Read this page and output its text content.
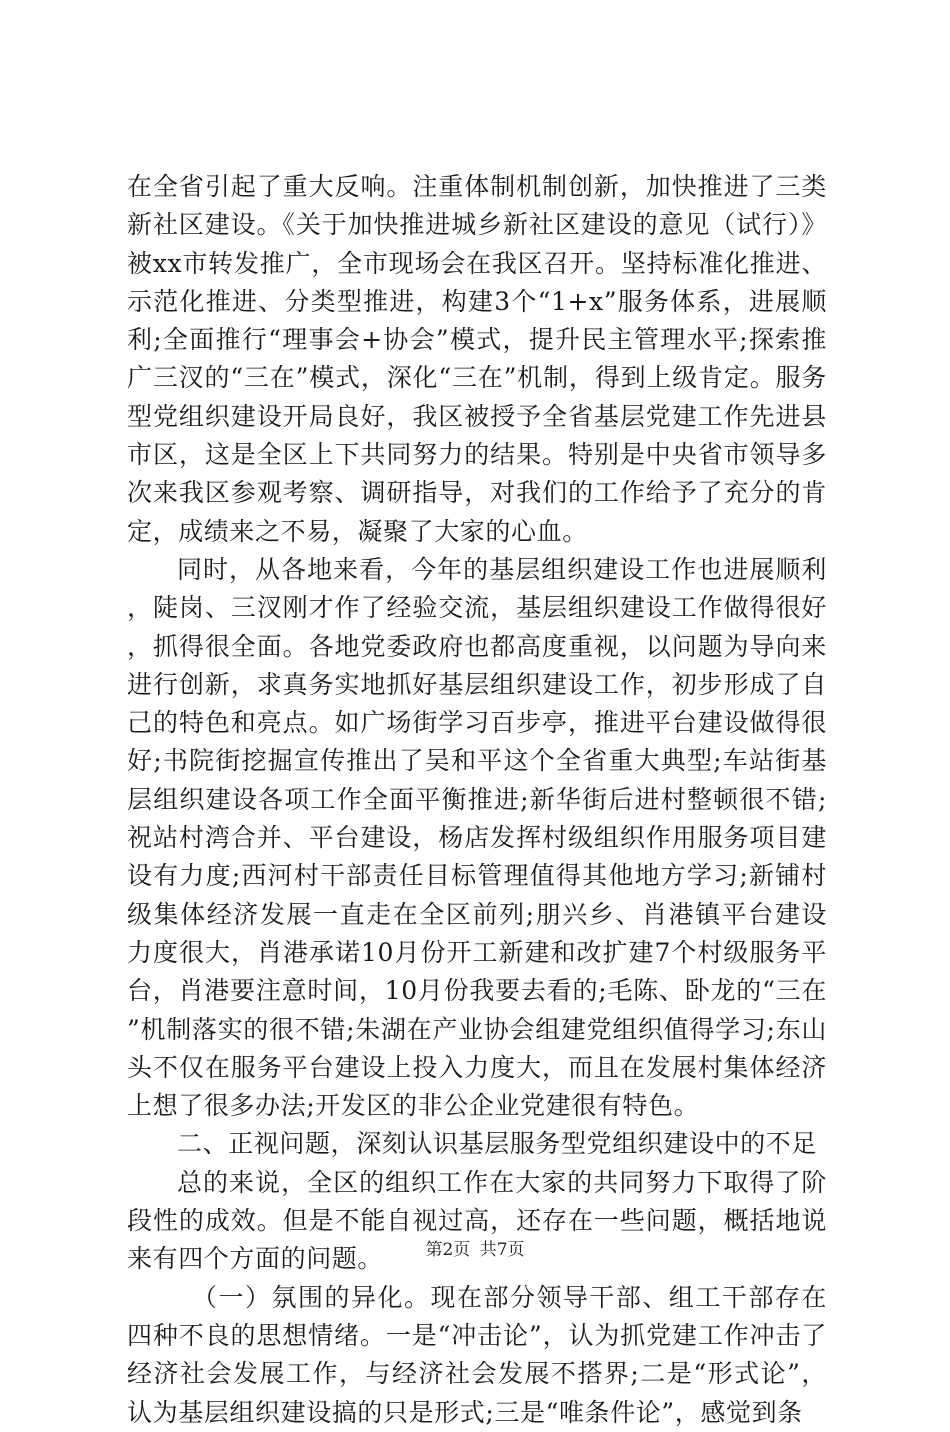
在全省引起了重大反响。注重体制机制创新，加快推进了三类新社区建设。《关于加快推进城乡新社区建设的意见（试行）》被xx市转发推广，全市现场会在我区召开。坚持标准化推进、示范化推进、分类型推进，构建3个“1+x”服务体系，进展顺利;全面推行“理事会+协会”模式，提升民主管理水平;探索推广三汊的“三在”模式，深化“三在”机制，得到上级肯定。服务型党组织建设开局良好，我区被授予全省基层党建工作先进县市区，这是全区上下共同努力的结果。特别是中央省市领导多次来我区参观考察、调研指导，对我们的工作给予了充分的肯定，成绩来之不易，凝聚了大家的心血。

同时，从各地来看，今年的基层组织建设工作也进展顺利，陡岗、三汊刚才作了经验交流，基层组织建设工作做得很好，抓得很全面。各地党委政府也都高度重视，以问题为导向来进行创新，求真务实地抓好基层组织建设工作，初步形成了自己的特色和亮点。如广场街学习百步亭，推进平台建设做得很好;书院街挖掘宣传推出了吴和平这个全省重大典型;车站街基层组织建设各项工作全面平衡推进;新华街后进村整顿很不错;祝站村湾合并、平台建设，杨店发挥村级组织作用服务项目建设有力度;西河村干部责任目标管理值得其他地方学习;新铺村级集体经济发展一直走在全区前列;朋兴乡、肖港镇平台建设力度很大，肖港承诺10月份开工新建和改扩建7个村级服务平台，肖港要注意时间，10月份我要去看的;毛陈、卧龙的“三在”机制落实的很不错;朱湖在产业协会组建党组织值得学习;东山头不仅在服务平台建设上投入力度大，而且在发展村集体经济上想了很多办法;开发区的非公企业党建很有特色。

二、正视问题，深刻认识基层服务型党组织建设中的不足

总的来说，全区的组织工作在大家的共同努力下取得了阶段性的成效。但是不能自视过高，还存在一些问题，概括地说来有四个方面的问题。

（一）氛围的异化。现在部分领导干部、组工干部存在四种不良的思想情绪。一是“冲击论”，认为抓党建工作冲击了经济社会发展工作，与经济社会发展不搭界;二是“形式论”，认为基层组织建设搞的只是形式;三是“唯条件论”，感觉到条

第2页 共7页
